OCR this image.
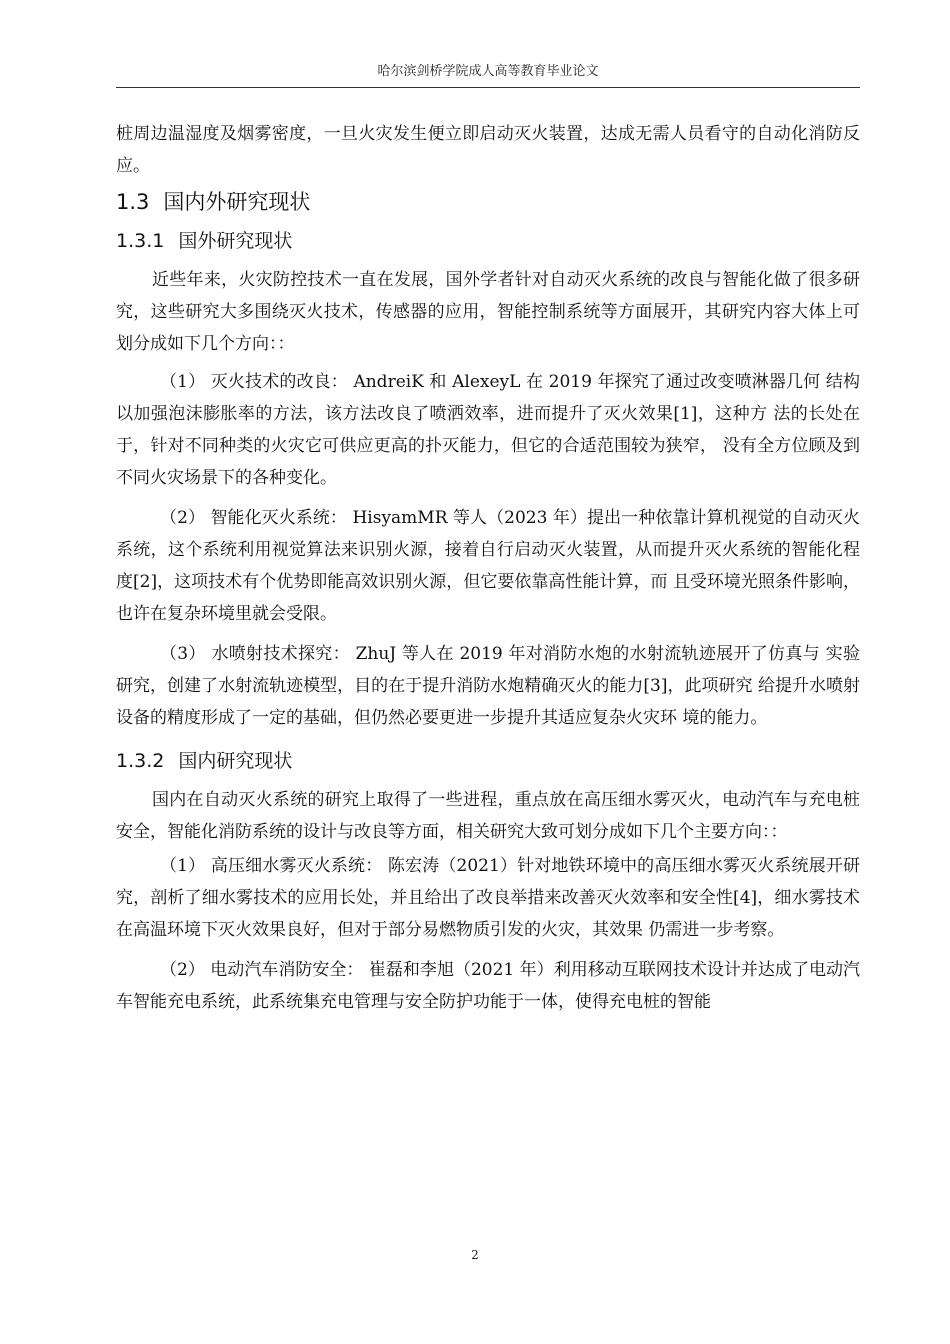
哈尔滨剑桥学院成人高等教育毕业论文

桩周边温湿度及烟雾密度，一旦火灾发生便立即启动灭火装置，达成无需人员看守的自动化消防反应。

1.3 国内外研究现状
1.3.1 国外研究现状

近些年来，火灾防控技术一直在发展，国外学者针对自动灭火系统的改良与智能化做了很多研究，这些研究大多围绕灭火技术，传感器的应用，智能控制系统等方面展开，其研究内容大体上可划分成如下几个方向：：

（1） 灭火技术的改良： AndreiK 和 AlexeyL 在 2019 年探究了通过改变喷淋器几何 结构以加强泡沫膨胀率的方法，该方法改良了喷洒效率，进而提升了灭火效果[1]，这种方 法的长处在于，针对不同种类的火灾它可供应更高的扑灭能力，但它的合适范围较为狭窄， 没有全方位顾及到不同火灾场景下的各种变化。

（2） 智能化灭火系统： HisyamMR 等人（2023 年）提出一种依靠计算机视觉的自动灭火系统，这个系统利用视觉算法来识别火源，接着自行启动灭火装置，从而提升灭火系统的智能化程度[2]，这项技术有个优势即能高效识别火源，但它要依靠高性能计算，而 且受环境光照条件影响，也许在复杂环境里就会受限。

（3） 水喷射技术探究： ZhuJ 等人在 2019 年对消防水炮的水射流轨迹展开了仿真与 实验研究，创建了水射流轨迹模型，目的在于提升消防水炮精确灭火的能力[3]，此项研究 给提升水喷射设备的精度形成了一定的基础，但仍然必要更进一步提升其适应复杂火灾环 境的能力。

1.3.2 国内研究现状

国内在自动灭火系统的研究上取得了一些进程，重点放在高压细水雾灭火，电动汽车与充电桩安全，智能化消防系统的设计与改良等方面，相关研究大致可划分成如下几个主要方向：：

（1） 高压细水雾灭火系统： 陈宏涛（2021）针对地铁环境中的高压细水雾灭火系统展开研究，剖析了细水雾技术的应用长处，并且给出了改良举措来改善灭火效率和安全性[4]，细水雾技术在高温环境下灭火效果良好，但对于部分易燃物质引发的火灾，其效果 仍需进一步考察。

（2） 电动汽车消防安全： 崔磊和李旭（2021 年）利用移动互联网技术设计并达成了电动汽车智能充电系统，此系统集充电管理与安全防护功能于一体，使得充电桩的智能

2
